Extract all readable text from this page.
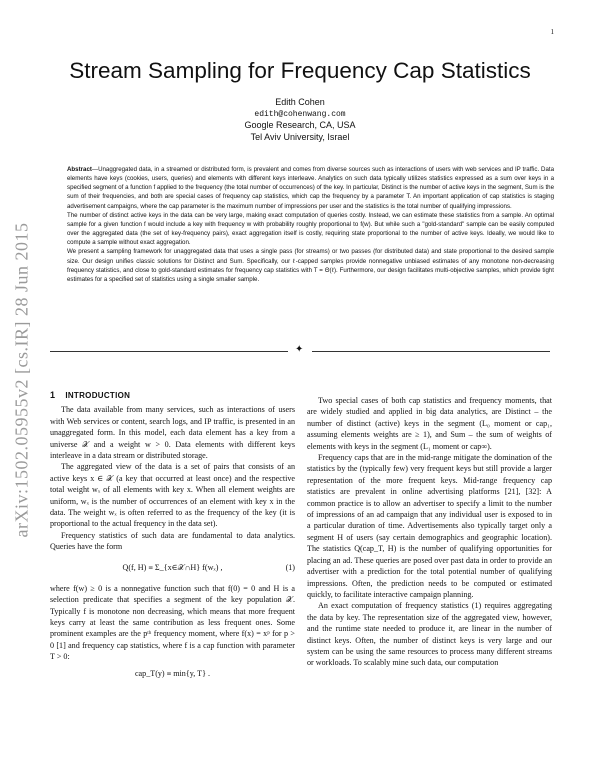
1
arXiv:1502.05955v2 [cs.IR] 28 Jun 2015
Stream Sampling for Frequency Cap Statistics
Edith Cohen
edith@cohenwang.com
Google Research, CA, USA
Tel Aviv University, Israel

Abstract—Unaggregated data, in a streamed or distributed form, is prevalent and comes from diverse sources such as interactions of users with web services and IP traffic. Data elements have keys (cookies, users, queries) and elements with different keys interleave. Analytics on such data typically utilizes statistics expressed as a sum over keys in a specified segment of a function f applied to the frequency (the total number of occurrences) of the key. In particular, Distinct is the number of active keys in the segment, Sum is the sum of their frequencies, and both are special cases of frequency cap statistics, which cap the frequency by a parameter T. An important application of cap statistics is staging advertisement campaigns, where the cap parameter is the maximum number of impressions per user and the statistics is the total number of qualifying impressions.

The number of distinct active keys in the data can be very large, making exact computation of queries costly. Instead, we can estimate these statistics from a sample. An optimal sample for a given function f would include a key with frequency w with probability roughly proportional to f(w). But while such a "gold-standard" sample can be easily computed over the aggregated data (the set of key-frequency pairs), exact aggregation itself is costly, requiring state proportional to the number of active keys. Ideally, we would like to compute a sample without exact aggregation.

We present a sampling framework for unaggregated data that uses a single pass (for streams) or two passes (for distributed data) and state proportional to the desired sample size. Our design unifies classic solutions for Distinct and Sum. Specifically, our ℓ-capped samples provide nonnegative unbiased estimates of any monotone non-decreasing frequency statistics, and close to gold-standard estimates for frequency cap statistics with T = Θ(ℓ). Furthermore, our design facilitates multi-objective samples, which provide tight estimates for a specified set of statistics using a single smaller sample.

✦
1 INTRODUCTION

The data available from many services, such as interactions of users with Web services or content, search logs, and IP traffic, is presented in an unaggregated form. In this model, each data element has a key from a universe 𝒳 and a weight w > 0. Data elements with different keys interleave in a data stream or distributed storage.

The aggregated view of the data is a set of pairs that consists of an active keys x ∈ 𝒳 (a key that occurred at least once) and the respective total weight wₓ of all elements with key x. When all element weights are uniform, wₓ is the number of occurrences of an element with key x in the data. The weight wₓ is often referred to as the frequency of the key (it is proportional to the actual frequency in the data set).

Frequency statistics of such data are fundamental to data analytics. Queries have the form

Q(f, H) ≡ Σ_{x∈𝒳∩H} f(wₓ) ,	(1)

where f(w) ≥ 0 is a nonnegative function such that f(0) = 0 and H is a selection predicate that specifies a segment of the key population 𝒳. Typically f is monotone non decreasing, which means that more frequent keys carry at least the same contribution as less frequent ones. Some prominent examples are the pᵗʰ frequency moment, where f(x) = xᵖ for p > 0 [1] and frequency cap statistics, where f is a cap function with parameter T > 0:

cap_T(y) ≡ min{y, T} .

Two special cases of both cap statistics and frequency moments, that are widely studied and applied in big data analytics, are Distinct – the number of distinct (active) keys in the segment (L₀ moment or cap₁, assuming elements weights are ≥ 1), and Sum – the sum of weights of elements with keys in the segment (L₁ moment or cap∞).

Frequency caps that are in the mid-range mitigate the domination of the statistics by the (typically few) very frequent keys but still provide a larger representation of the more frequent keys. Mid-range frequency cap statistics are prevalent in online advertising platforms [21], [32]: A common practice is to allow an advertiser to specify a limit to the number of impressions of an ad campaign that any individual user is exposed to in a particular duration of time. Advertisements also typically target only a segment H of users (say certain demographics and geographic location). The statistics Q(cap_T, H) is the number of qualifying opportunities for placing an ad. These queries are posed over past data in order to provide an advertiser with a prediction for the total potential number of qualifying impressions. Often, the prediction needs to be computed or estimated quickly, to facilitate interactive campaign planning.

An exact computation of frequency statistics (1) requires aggregating the data by key. The representation size of the aggregated view, however, and the runtime state needed to produce it, are linear in the number of distinct keys. Often, the number of distinct keys is very large and our system can be using the same resources to process many different streams or workloads. To scalably mine such data, our computation
